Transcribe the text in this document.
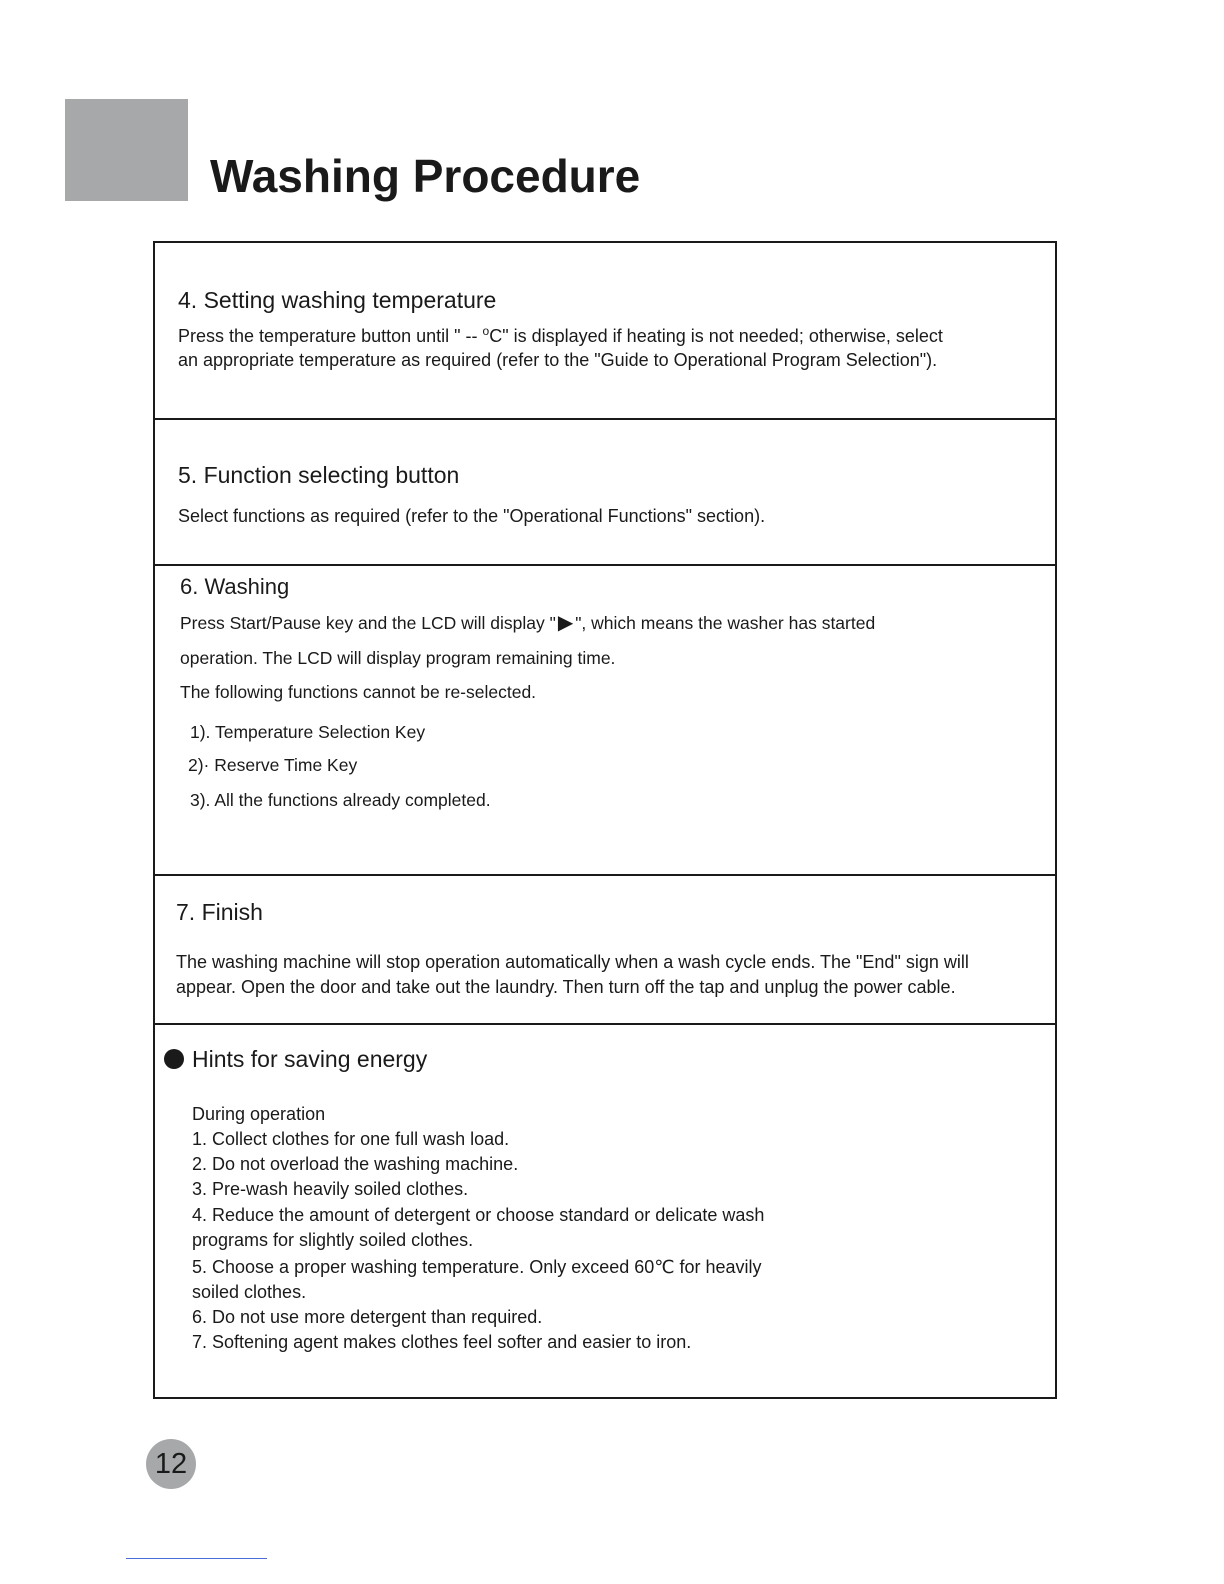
Washing Procedure
4. Setting washing temperature
Press the temperature button until " -- $^o$C" is displayed if heating is not needed; otherwise, select
an appropriate temperature as required (refer to the "Guide to Operational Program Selection").
5. Function selecting button
Select functions as required (refer to the "Operational Functions" section).
6. Washing
Press Start/Pause key and the LCD will display " ▶ ", which means the washer has started
operation. The LCD will display program remaining time.
The following functions cannot be re-selected.
1). Temperature Selection Key
2)· Reserve Time Key
3). All the functions already completed.
7. Finish
The washing machine will stop operation automatically when a wash cycle ends. The "End" sign will
appear. Open the door and take out the laundry. Then turn off the tap and unplug the power cable.
Hints for saving energy
During operation
1. Collect clothes for one full wash load.
2. Do not overload the washing machine.
3. Pre-wash heavily soiled clothes.
4. Reduce the amount of detergent or choose standard or delicate wash
programs for slightly soiled clothes.
5. Choose a proper washing temperature. Only exceed 60℃ for heavily
soiled clothes.
6. Do not use more detergent than required.
7. Softening agent makes clothes feel softer and easier to iron.
12
